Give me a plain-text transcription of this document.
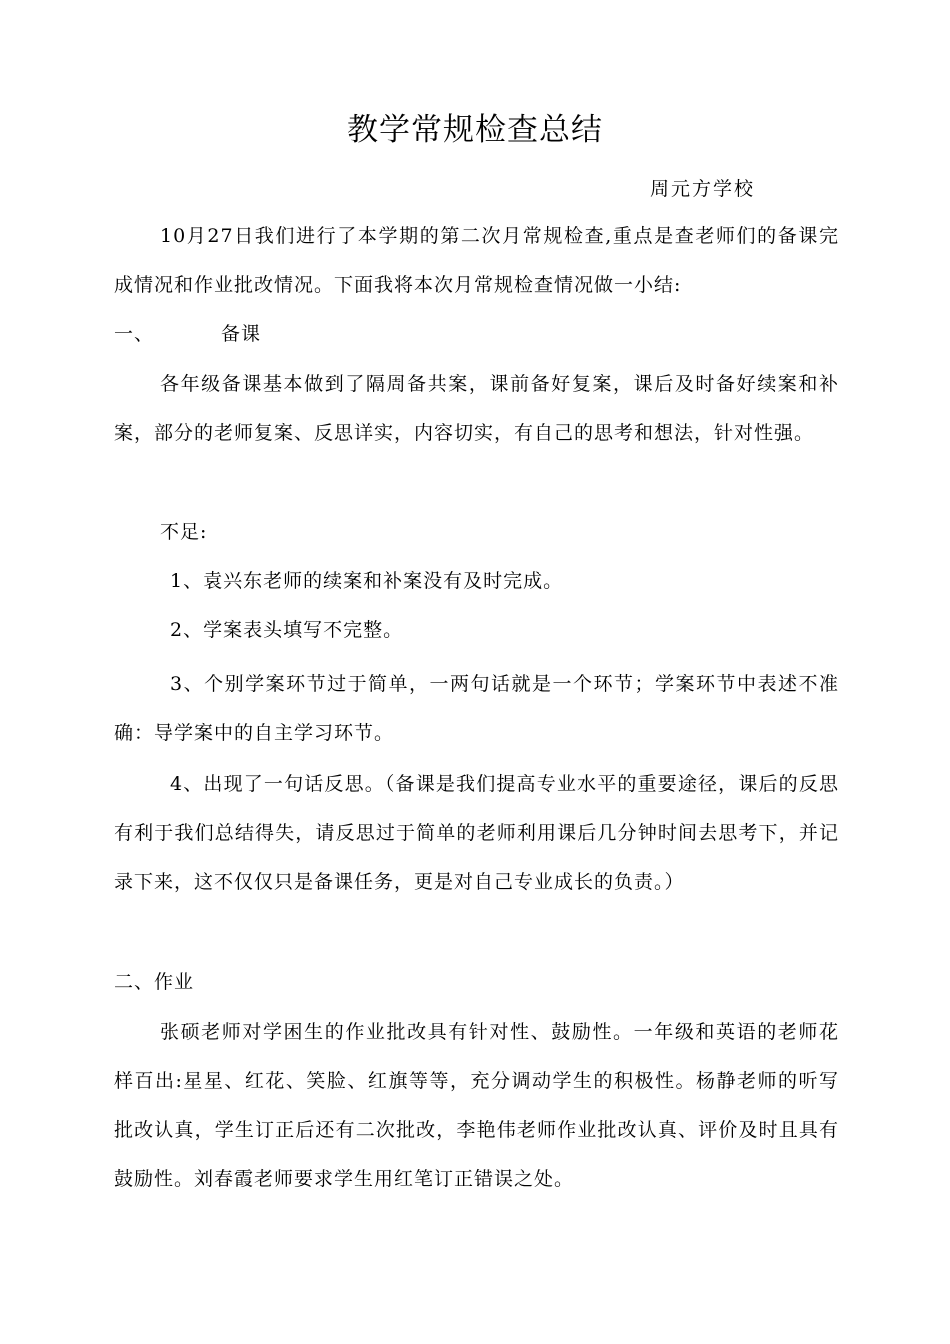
教学常规检查总结
周元方学校

10月27日我们进行了本学期的第二次月常规检查,重点是查老师们的备课完成情况和作业批改情况。下面我将本次月常规检查情况做一小结:

一、	备课

各年级备课基本做到了隔周备共案，课前备好复案，课后及时备好续案和补案，部分的老师复案、反思详实，内容切实，有自己的思考和想法，针对性强。

不足:

1、袁兴东老师的续案和补案没有及时完成。

2、学案表头填写不完整。

3、个别学案环节过于简单，一两句话就是一个环节；学案环节中表述不准确：导学案中的自主学习环节。

4、出现了一句话反思。（备课是我们提高专业水平的重要途径，课后的反思有利于我们总结得失，请反思过于简单的老师利用课后几分钟时间去思考下，并记录下来，这不仅仅只是备课任务，更是对自己专业成长的负责。）

二、作业

张硕老师对学困生的作业批改具有针对性、鼓励性。一年级和英语的老师花样百出:星星、红花、笑脸、红旗等等，充分调动学生的积极性。杨静老师的听写批改认真，学生订正后还有二次批改，李艳伟老师作业批改认真、评价及时且具有鼓励性。刘春霞老师要求学生用红笔订正错误之处。
